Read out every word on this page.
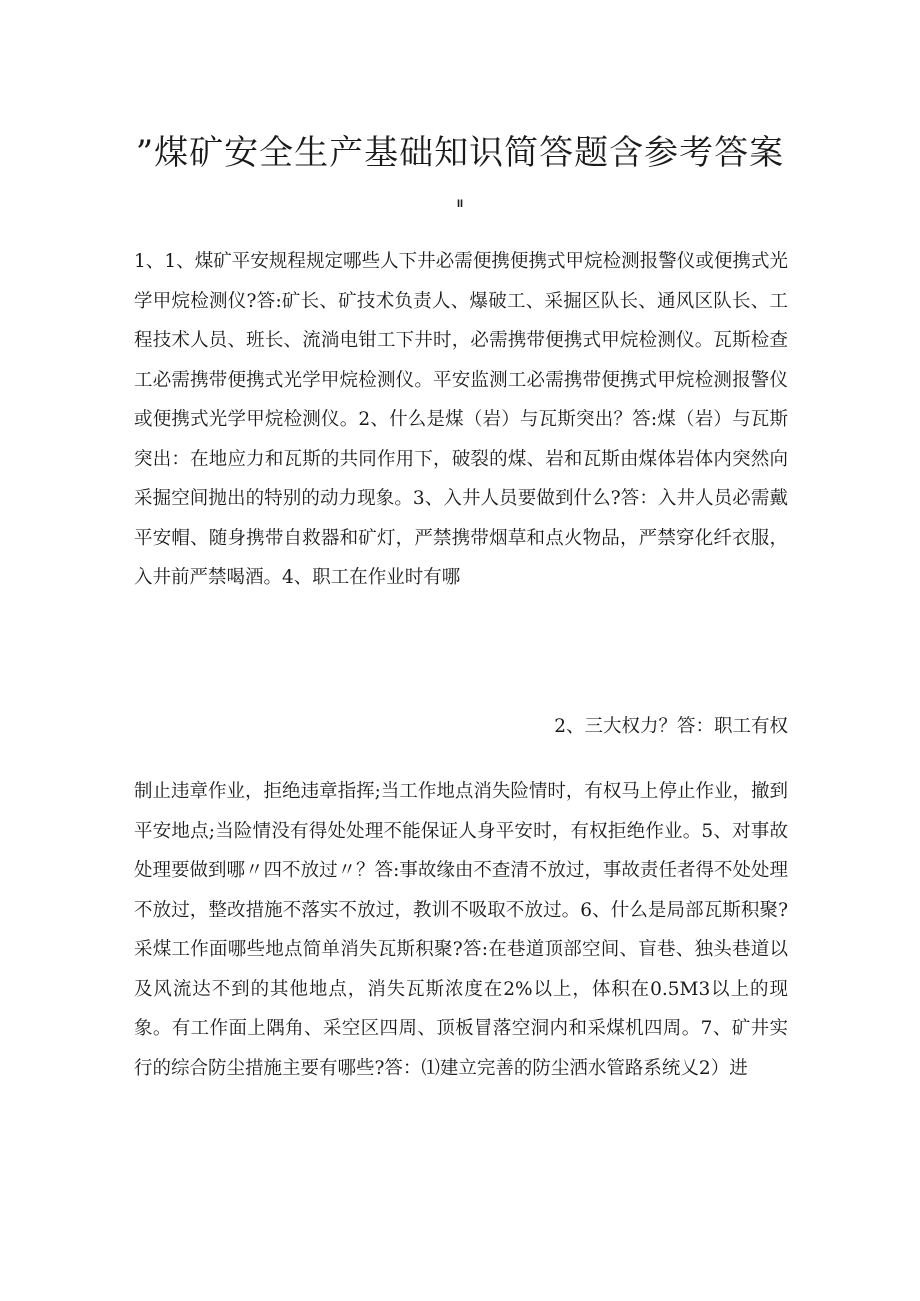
”煤矿安全生产基础知识简答题含参考答案
II

1、1、煤矿平安规程规定哪些人下井必需便携便携式甲烷检测报警仪或便携式光学甲烷检测仪?答:矿长、矿技术负责人、爆破工、采掘区队长、通风区队长、工程技术人员、班长、流淌电钳工下井时，必需携带便携式甲烷检测仪。瓦斯检查工必需携带便携式光学甲烷检测仪。平安监测工必需携带便携式甲烷检测报警仪或便携式光学甲烷检测仪。2、什么是煤（岩）与瓦斯突出？答:煤（岩）与瓦斯突出：在地应力和瓦斯的共同作用下，破裂的煤、岩和瓦斯由煤体岩体内突然向采掘空间抛出的特别的动力现象。3、入井人员要做到什么?答：入井人员必需戴平安帽、随身携带自救器和矿灯，严禁携带烟草和点火物品，严禁穿化纤衣服，入井前严禁喝酒。4、职工在作业时有哪

2、三大权力？答：职工有权

制止违章作业，拒绝违章指挥;当工作地点消失险情时，有权马上停止作业，撤到平安地点;当险情没有得处处理不能保证人身平安时，有权拒绝作业。5、对事故处理要做到哪〃四不放过〃？答:事故缘由不查清不放过，事故责任者得不处处理不放过，整改措施不落实不放过，教训不吸取不放过。6、什么是局部瓦斯积聚?采煤工作面哪些地点简单消失瓦斯积聚?答:在巷道顶部空间、盲巷、独头巷道以及风流达不到的其他地点，消失瓦斯浓度在2%以上，体积在0.5M3以上的现象。有工作面上隅角、采空区四周、顶板冒落空洞内和采煤机四周。7、矿井实行的综合防尘措施主要有哪些?答：⑴建立完善的防尘洒水管路系统乂2）进
